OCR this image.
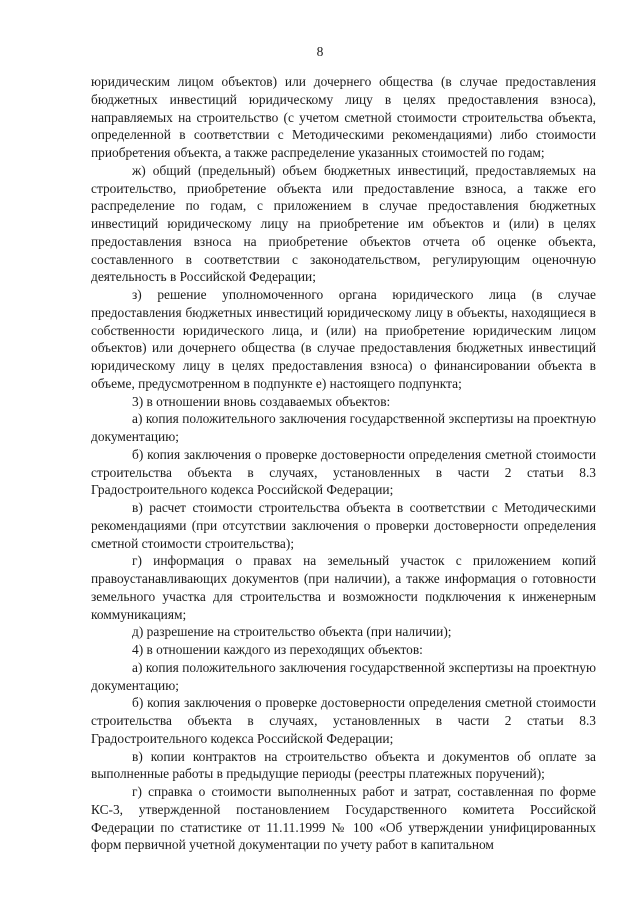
8

юридическим лицом объектов) или дочернего общества (в случае предоставления бюджетных инвестиций юридическому лицу в целях предоставления взноса), направляемых на строительство (с учетом сметной стоимости строительства объекта, определенной в соответствии с Методическими рекомендациями) либо стоимости приобретения объекта, а также распределение указанных стоимостей по годам;

ж) общий (предельный) объем бюджетных инвестиций, предоставляемых на строительство, приобретение объекта или предоставление взноса, а также его распределение по годам, с приложением в случае предоставления бюджетных инвестиций юридическому лицу на приобретение им объектов и (или) в целях предоставления взноса на приобретение объектов отчета об оценке объекта, составленного в соответствии с законодательством, регулирующим оценочную деятельность в Российской Федерации;

з) решение уполномоченного органа юридического лица (в случае предоставления бюджетных инвестиций юридическому лицу в объекты, находящиеся в собственности юридического лица, и (или) на приобретение юридическим лицом объектов) или дочернего общества (в случае предоставления бюджетных инвестиций юридическому лицу в целях предоставления взноса) о финансировании объекта в объеме, предусмотренном в подпункте е) настоящего подпункта;

3) в отношении вновь создаваемых объектов:

а) копия положительного заключения государственной экспертизы на проектную документацию;

б) копия заключения о проверке достоверности определения сметной стоимости строительства объекта в случаях, установленных в части 2 статьи 8.3 Градостроительного кодекса Российской Федерации;

в) расчет стоимости строительства объекта в соответствии с Методическими рекомендациями (при отсутствии заключения о проверки достоверности определения сметной стоимости строительства);

г) информация о правах на земельный участок с приложением копий правоустанавливающих документов (при наличии), а также информация о готовности земельного участка для строительства и возможности подключения к инженерным коммуникациям;

д) разрешение на строительство объекта (при наличии);

4) в отношении каждого из переходящих объектов:

а) копия положительного заключения государственной экспертизы на проектную документацию;

б) копия заключения о проверке достоверности определения сметной стоимости строительства объекта в случаях, установленных в части 2 статьи 8.3 Градостроительного кодекса Российской Федерации;

в) копии контрактов на строительство объекта и документов об оплате за выполненные работы в предыдущие периоды (реестры платежных поручений);

г) справка о стоимости выполненных работ и затрат, составленная по форме КС-3, утвержденной постановлением Государственного комитета Российской Федерации по статистике от 11.11.1999 № 100 «Об утверждении унифицированных форм первичной учетной документации по учету работ в капитальном
